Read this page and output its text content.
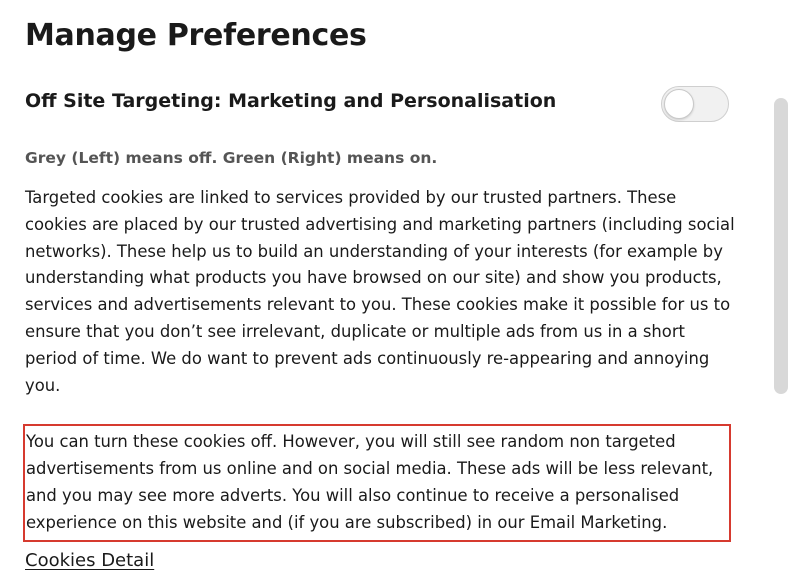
Manage Preferences
Off Site Targeting: Marketing and Personalisation

Grey (Left) means off. Green (Right) means on.

Targeted cookies are linked to services provided by our trusted partners. These cookies are placed by our trusted advertising and marketing partners (including social networks). These help us to build an understanding of your interests (for example by understanding what products you have browsed on our site) and show you products, services and advertisements relevant to you. These cookies make it possible for us to ensure that you don’t see irrelevant, duplicate or multiple ads from us in a short period of time. We do want to prevent ads continuously re-appearing and annoying you.

You can turn these cookies off. However, you will still see random non targeted advertisements from us online and on social media. These ads will be less relevant, and you may see more adverts. You will also continue to receive a personalised experience on this website and (if you are subscribed) in our Email Marketing.

Cookies Detail
